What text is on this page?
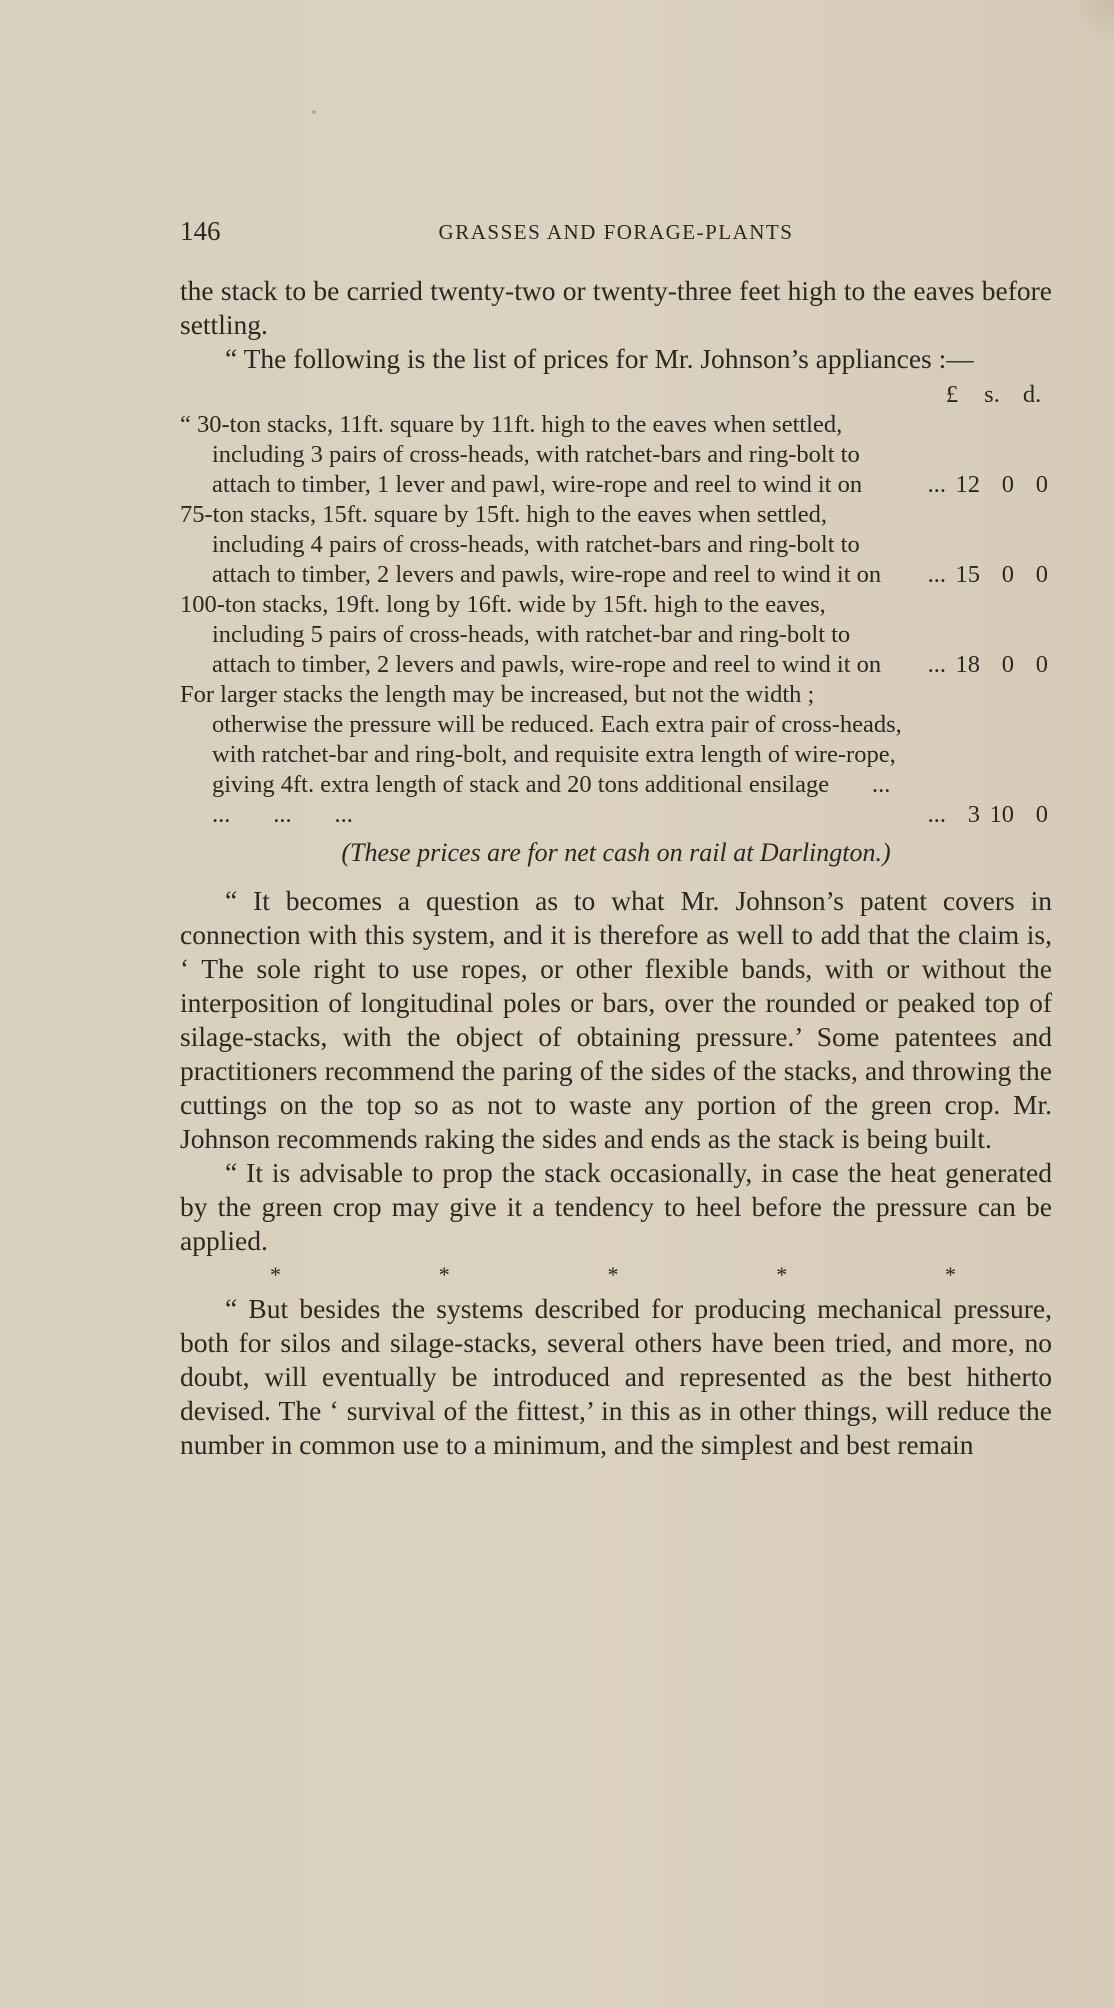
146	GRASSES AND FORAGE-PLANTS

the stack to be carried twenty-two or twenty-three feet high to the eaves before settling.

“ The following is the list of prices for Mr. Johnson’s appliances :—

£	s. d.
“ 30-ton stacks, 11ft. square by 11ft. high to the eaves when settled, including 3 pairs of cross-heads, with ratchet-bars and ring-bolt to attach to timber, 1 lever and pawl, wire-rope and reel to wind it on	... 12 0 0
75-ton stacks, 15ft. square by 15ft. high to the eaves when settled, including 4 pairs of cross-heads, with ratchet-bars and ring-bolt to attach to timber, 2 levers and pawls, wire-rope and reel to wind it on	... 15 0 0
100-ton stacks, 19ft. long by 16ft. wide by 15ft. high to the eaves, including 5 pairs of cross-heads, with ratchet-bar and ring-bolt to attach to timber, 2 levers and pawls, wire-rope and reel to wind it on	... 18 0 0
For larger stacks the length may be increased, but not the width ; otherwise the pressure will be reduced. Each extra pair of cross-heads, with ratchet-bar and ring-bolt, and requisite extra length of wire-rope, giving 4ft. extra length of stack and 20 tons additional ensilage       ...       ...       ...       ...	... 3 10 0
(These prices are for net cash on rail at Darlington.)

“ It becomes a question as to what Mr. Johnson’s patent covers in connection with this system, and it is therefore as well to add that the claim is, ‘ The sole right to use ropes, or other flexible bands, with or without the interposition of longitudinal poles or bars, over the rounded or peaked top of silage-stacks, with the object of obtaining pressure.’ Some patentees and practitioners recommend the paring of the sides of the stacks, and throwing the cuttings on the top so as not to waste any portion of the green crop. Mr. Johnson recommends raking the sides and ends as the stack is being built.

“ It is advisable to prop the stack occasionally, in case the heat generated by the green crop may give it a tendency to heel before the pressure can be applied.

*	*	*	*	*

“ But besides the systems described for producing mechanical pressure, both for silos and silage-stacks, several others have been tried, and more, no doubt, will eventually be introduced and represented as the best hitherto devised. The ‘ survival of the fittest,’ in this as in other things, will reduce the number in common use to a minimum, and the simplest and best remain
